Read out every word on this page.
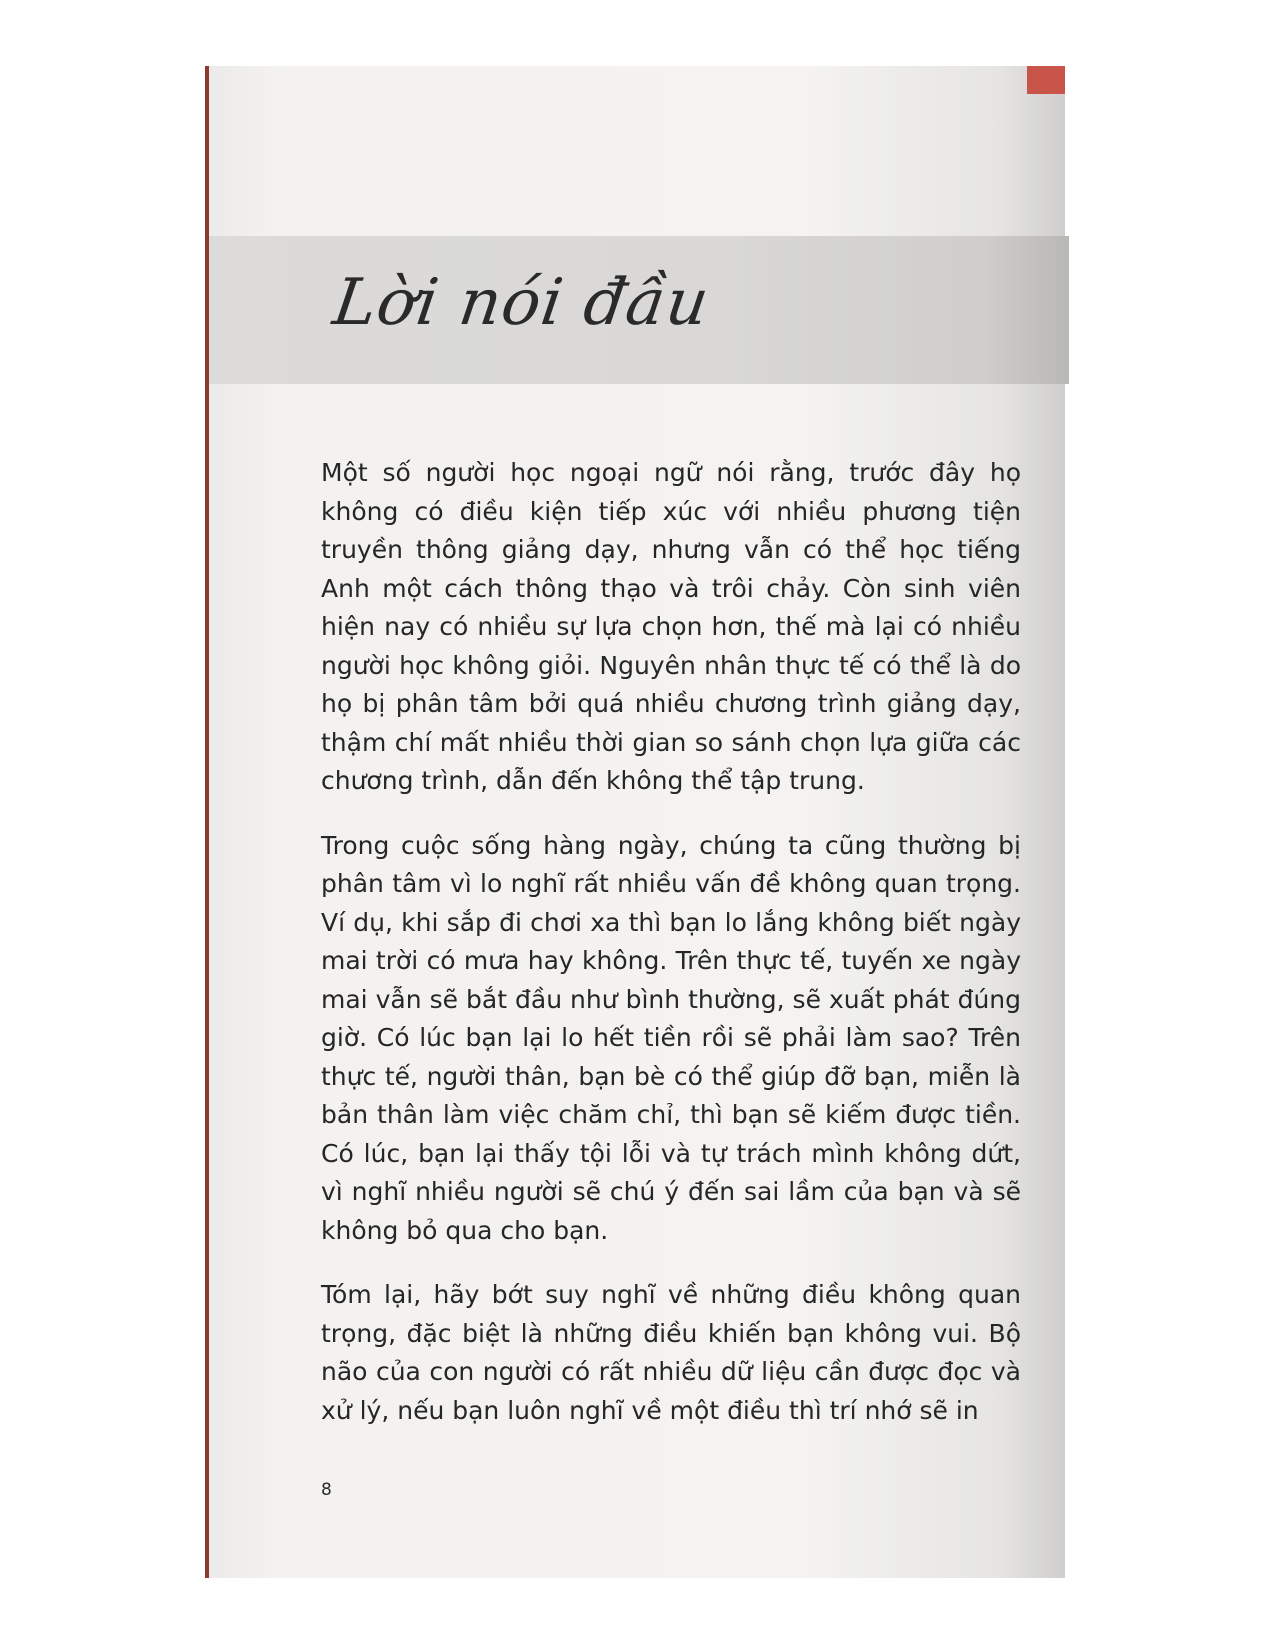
Lời nói đầu

Một số người học ngoại ngữ nói rằng, trước đây họ không có điều kiện tiếp xúc với nhiều phương tiện truyền thông giảng dạy, nhưng vẫn có thể học tiếng Anh một cách thông thạo và trôi chảy. Còn sinh viên hiện nay có nhiều sự lựa chọn hơn, thế mà lại có nhiều người học không giỏi. Nguyên nhân thực tế có thể là do họ bị phân tâm bởi quá nhiều chương trình giảng dạy, thậm chí mất nhiều thời gian so sánh chọn lựa giữa các chương trình, dẫn đến không thể tập trung.

Trong cuộc sống hàng ngày, chúng ta cũng thường bị phân tâm vì lo nghĩ rất nhiều vấn đề không quan trọng. Ví dụ, khi sắp đi chơi xa thì bạn lo lắng không biết ngày mai trời có mưa hay không. Trên thực tế, tuyến xe ngày mai vẫn sẽ bắt đầu như bình thường, sẽ xuất phát đúng giờ. Có lúc bạn lại lo hết tiền rồi sẽ phải làm sao? Trên thực tế, người thân, bạn bè có thể giúp đỡ bạn, miễn là bản thân làm việc chăm chỉ, thì bạn sẽ kiếm được tiền. Có lúc, bạn lại thấy tội lỗi và tự trách mình không dứt, vì nghĩ nhiều người sẽ chú ý đến sai lầm của bạn và sẽ không bỏ qua cho bạn.

Tóm lại, hãy bớt suy nghĩ về những điều không quan trọng, đặc biệt là những điều khiến bạn không vui. Bộ não của con người có rất nhiều dữ liệu cần được đọc và xử lý, nếu bạn luôn nghĩ về một điều thì trí nhớ sẽ in

8
